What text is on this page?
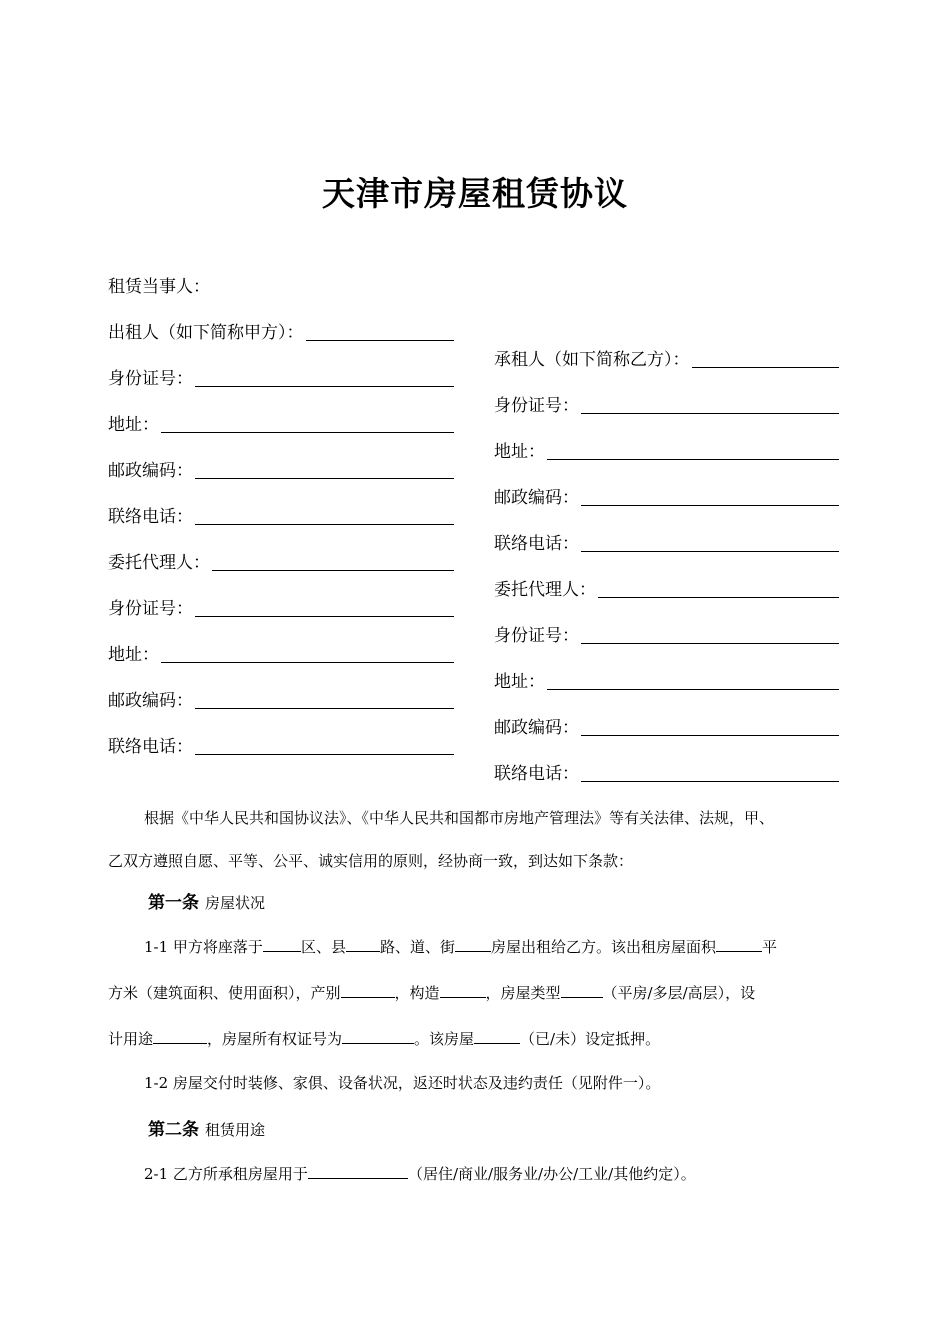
天津市房屋租赁协议
租赁当事人：
出租人（如下简称甲方）：
身份证号：
地址：
邮政编码：
联络电话：
委托代理人：
身份证号：
地址：
邮政编码：
联络电话：
承租人（如下简称乙方）：
身份证号：
地址：
邮政编码：
联络电话：
委托代理人：
身份证号：
地址：
邮政编码：
联络电话：
根据《中华人民共和国协议法》、《中华人民共和国都市房地产管理法》等有关法律、法规，甲、
乙双方遵照自愿、平等、公平、诚实信用的原则，经协商一致，到达如下条款：
第一条 房屋状况
1-1 甲方将座落于	区、县 路、道、街 房屋出租给乙方。该出租房屋面积	平
方米（建筑面积、使用面积），产别	，构造	，房屋类型	（平房/多层/高层），设
计用途	，房屋所有权证号为	。该房屋	（已/未）设定抵押。
1-2 房屋交付时装修、家俱、设备状况，返还时状态及违约责任（见附件一）。
第二条 租赁用途
2-1 乙方所承租房屋用于	（居住/商业/服务业/办公/工业/其他约定）。
